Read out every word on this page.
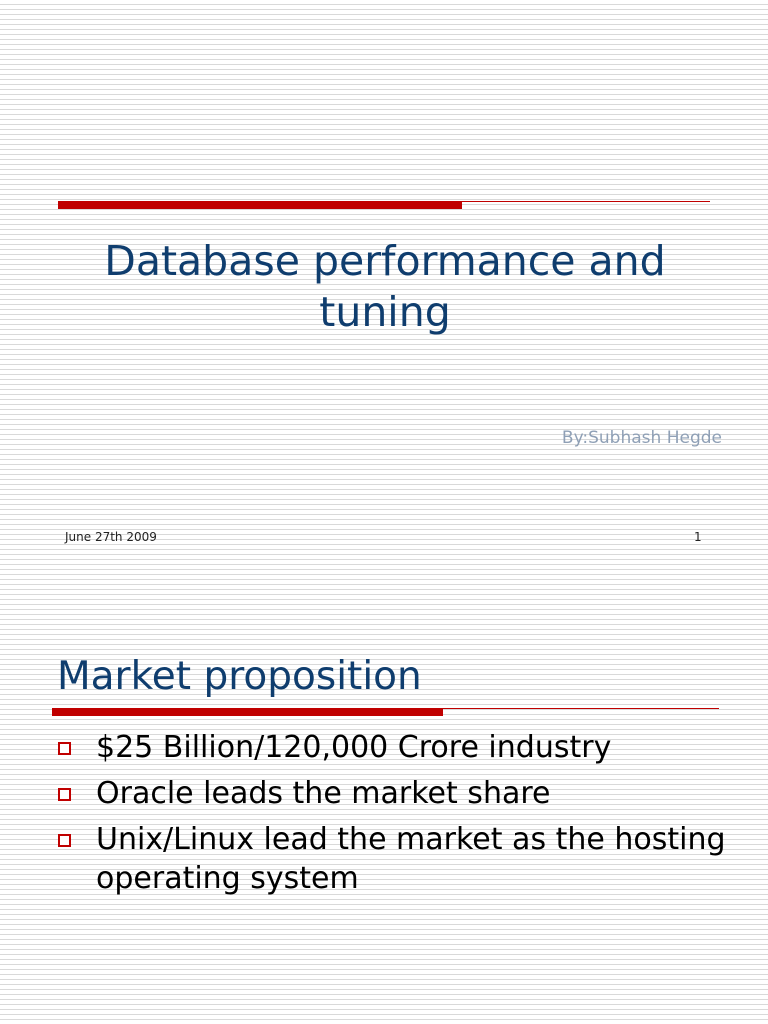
Database performance and tuning
By:Subhash Hegde
June 27th 2009	1
Market proposition
$25 Billion/120,000 Crore industry
Oracle leads the market share
Unix/Linux lead the market as the hosting operating system
